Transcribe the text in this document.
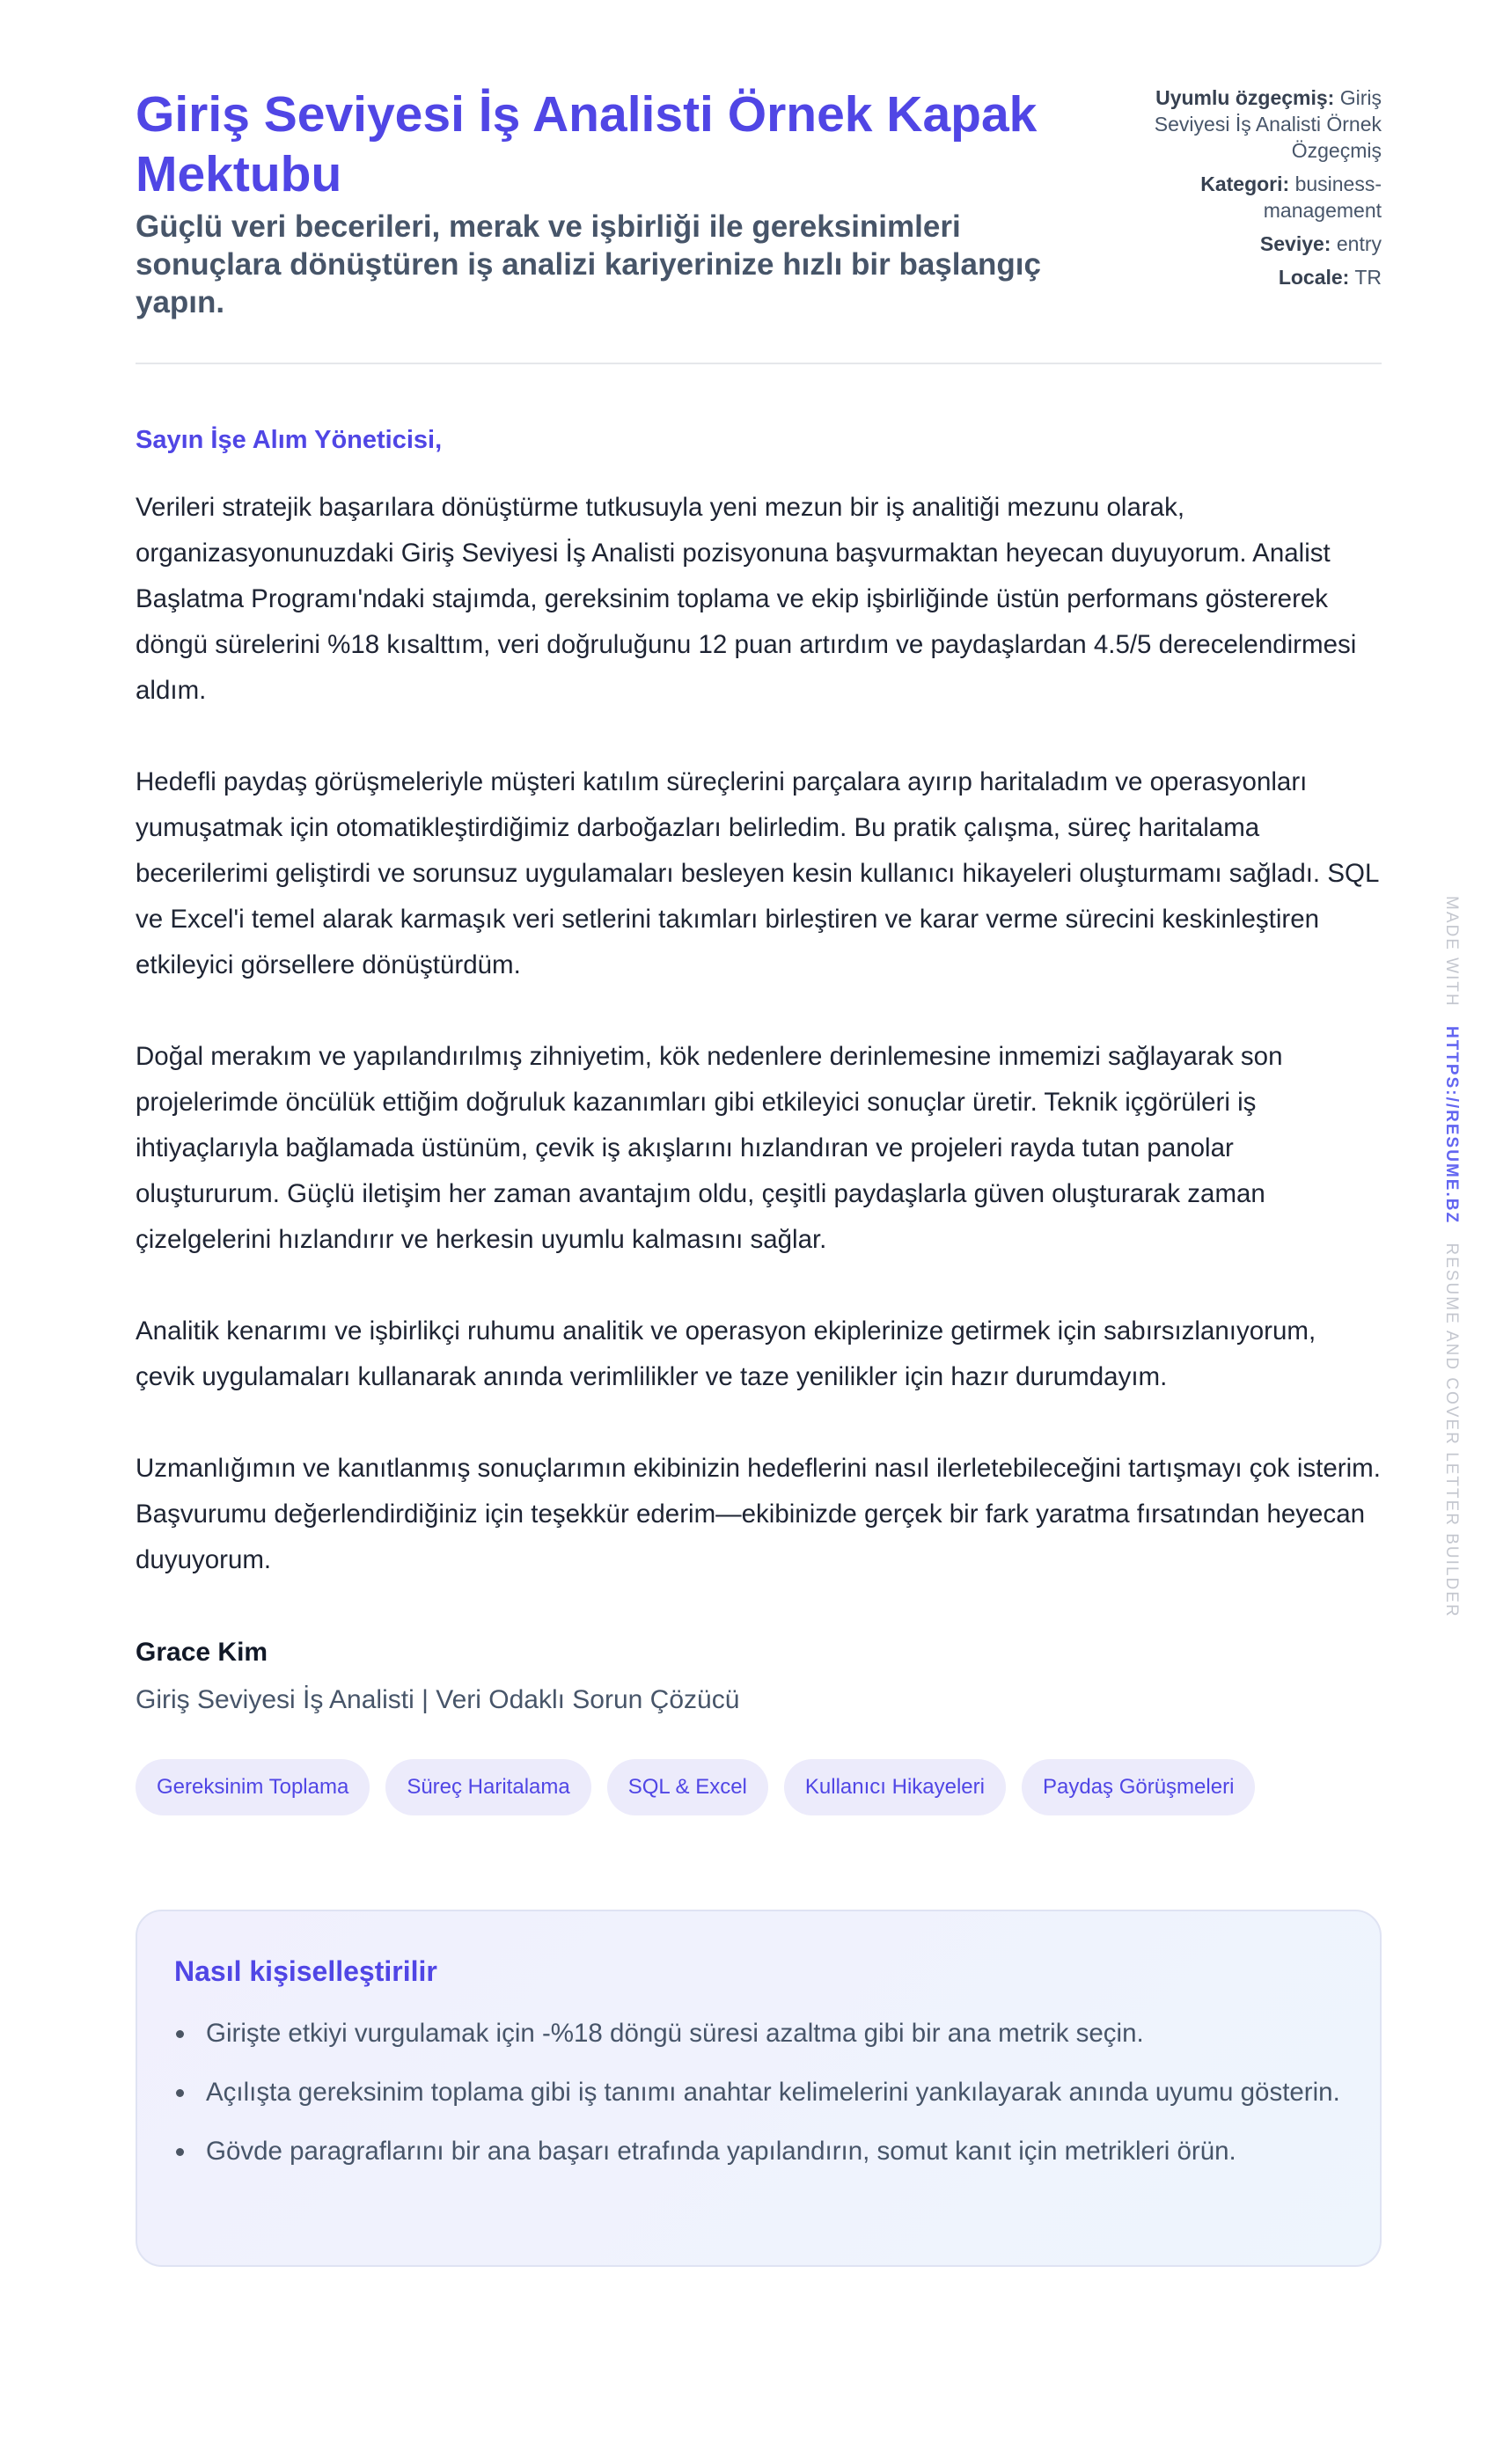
Giriş Seviyesi İş Analisti Örnek Kapak Mektubu
Güçlü veri becerileri, merak ve işbirliği ile gereksinimleri sonuçlara dönüştüren iş analizi kariyerinize hızlı bir başlangıç yapın.
Uyumlu özgeçmiş: Giriş Seviyesi İş Analisti Örnek Özgeçmiş
Kategori: business-management
Seviye: entry
Locale: TR
Sayın İşe Alım Yöneticisi,

Verileri stratejik başarılara dönüştürme tutkusuyla yeni mezun bir iş analitiği mezunu olarak, organizasyonunuzdaki Giriş Seviyesi İş Analisti pozisyonuna başvurmaktan heyecan duyuyorum. Analist Başlatma Programı'ndaki stajımda, gereksinim toplama ve ekip işbirliğinde üstün performans göstererek döngü sürelerini %18 kısalttım, veri doğruluğunu 12 puan artırdım ve paydaşlardan 4.5/5 derecelendirmesi aldım.

Hedefli paydaş görüşmeleriyle müşteri katılım süreçlerini parçalara ayırıp haritaladım ve operasyonları yumuşatmak için otomatikleştirdiğimiz darboğazları belirledim. Bu pratik çalışma, süreç haritalama becerilerimi geliştirdi ve sorunsuz uygulamaları besleyen kesin kullanıcı hikayeleri oluşturmamı sağladı. SQL ve Excel'i temel alarak karmaşık veri setlerini takımları birleştiren ve karar verme sürecini keskinleştiren etkileyici görsellere dönüştürdüm.

Doğal merakım ve yapılandırılmış zihniyetim, kök nedenlere derinlemesine inmemizi sağlayarak son projelerimde öncülük ettiğim doğruluk kazanımları gibi etkileyici sonuçlar üretir. Teknik içgörüleri iş ihtiyaçlarıyla bağlamada üstünüm, çevik iş akışlarını hızlandıran ve projeleri rayda tutan panolar oluştururum. Güçlü iletişim her zaman avantajım oldu, çeşitli paydaşlarla güven oluşturarak zaman çizelgelerini hızlandırır ve herkesin uyumlu kalmasını sağlar.

Analitik kenarımı ve işbirlikçi ruhumu analitik ve operasyon ekiplerinize getirmek için sabırsızlanıyorum, çevik uygulamaları kullanarak anında verimlilikler ve taze yenilikler için hazır durumdayım.

Uzmanlığımın ve kanıtlanmış sonuçlarımın ekibinizin hedeflerini nasıl ilerletebileceğini tartışmayı çok isterim. Başvurumu değerlendirdiğiniz için teşekkür ederim—ekibinizde gerçek bir fark yaratma fırsatından heyecan duyuyorum.

Grace Kim
Giriş Seviyesi İş Analisti | Veri Odaklı Sorun Çözücü
Gereksinim Toplama	Süreç Haritalama	SQL & Excel	Kullanıcı Hikayeleri	Paydaş Görüşmeleri
Nasıl kişiselleştirilir
Girişte etkiyi vurgulamak için -%18 döngü süresi azaltma gibi bir ana metrik seçin.
Açılışta gereksinim toplama gibi iş tanımı anahtar kelimelerini yankılayarak anında uyumu gösterin.
Gövde paragraflarını bir ana başarı etrafında yapılandırın, somut kanıt için metrikleri örün.
MADE WITH HTTPS://RESUME.BZ RESUME AND COVER LETTER BUILDER
